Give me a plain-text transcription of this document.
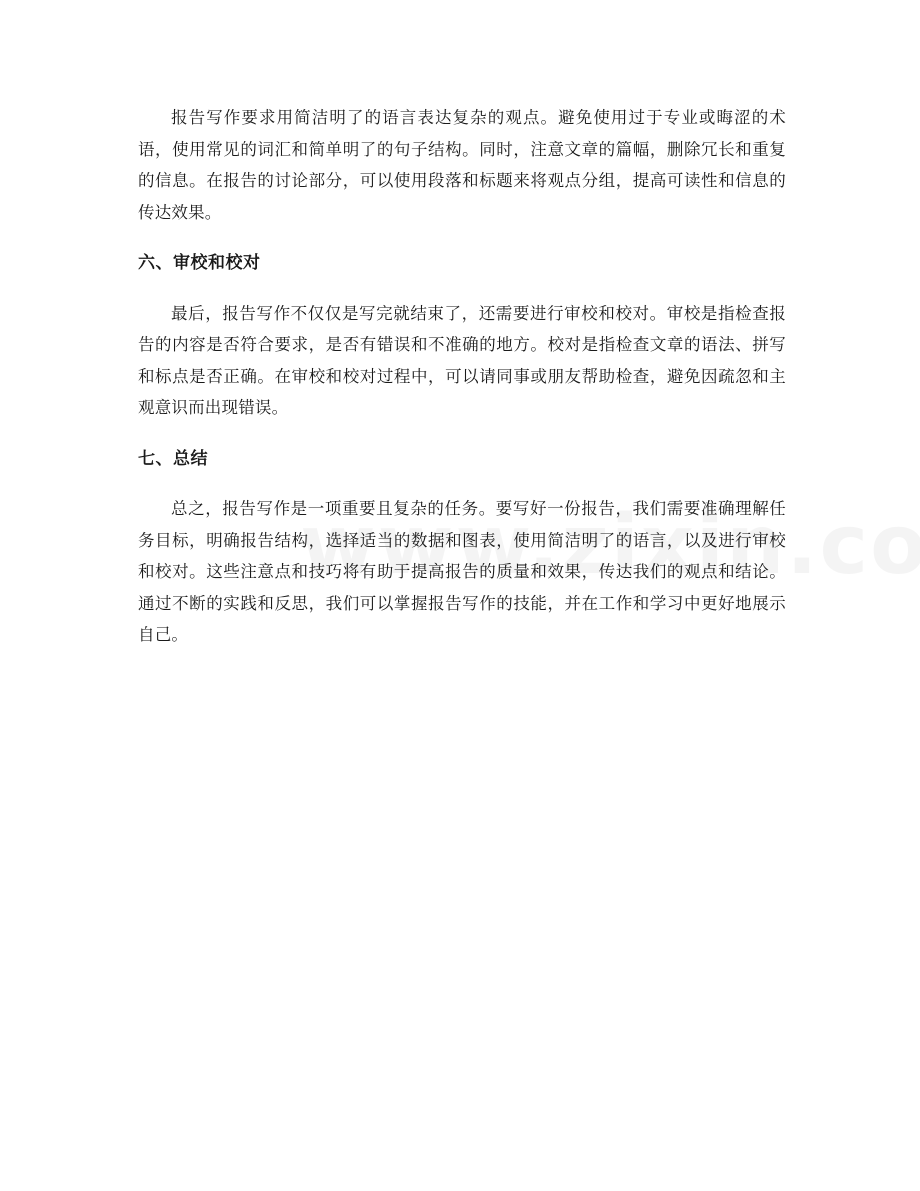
报告写作要求用简洁明了的语言表达复杂的观点。避免使用过于专业或晦涩的术语，使用常见的词汇和简单明了的句子结构。同时，注意文章的篇幅，删除冗长和重复的信息。在报告的讨论部分，可以使用段落和标题来将观点分组，提高可读性和信息的传达效果。

六、审校和校对

最后，报告写作不仅仅是写完就结束了，还需要进行审校和校对。审校是指检查报告的内容是否符合要求，是否有错误和不准确的地方。校对是指检查文章的语法、拼写和标点是否正确。在审校和校对过程中，可以请同事或朋友帮助检查，避免因疏忽和主观意识而出现错误。

七、总结

总之，报告写作是一项重要且复杂的任务。要写好一份报告，我们需要准确理解任务目标，明确报告结构，选择适当的数据和图表，使用简洁明了的语言，以及进行审校和校对。这些注意点和技巧将有助于提高报告的质量和效果，传达我们的观点和结论。通过不断的实践和反思，我们可以掌握报告写作的技能，并在工作和学习中更好地展示自己。
